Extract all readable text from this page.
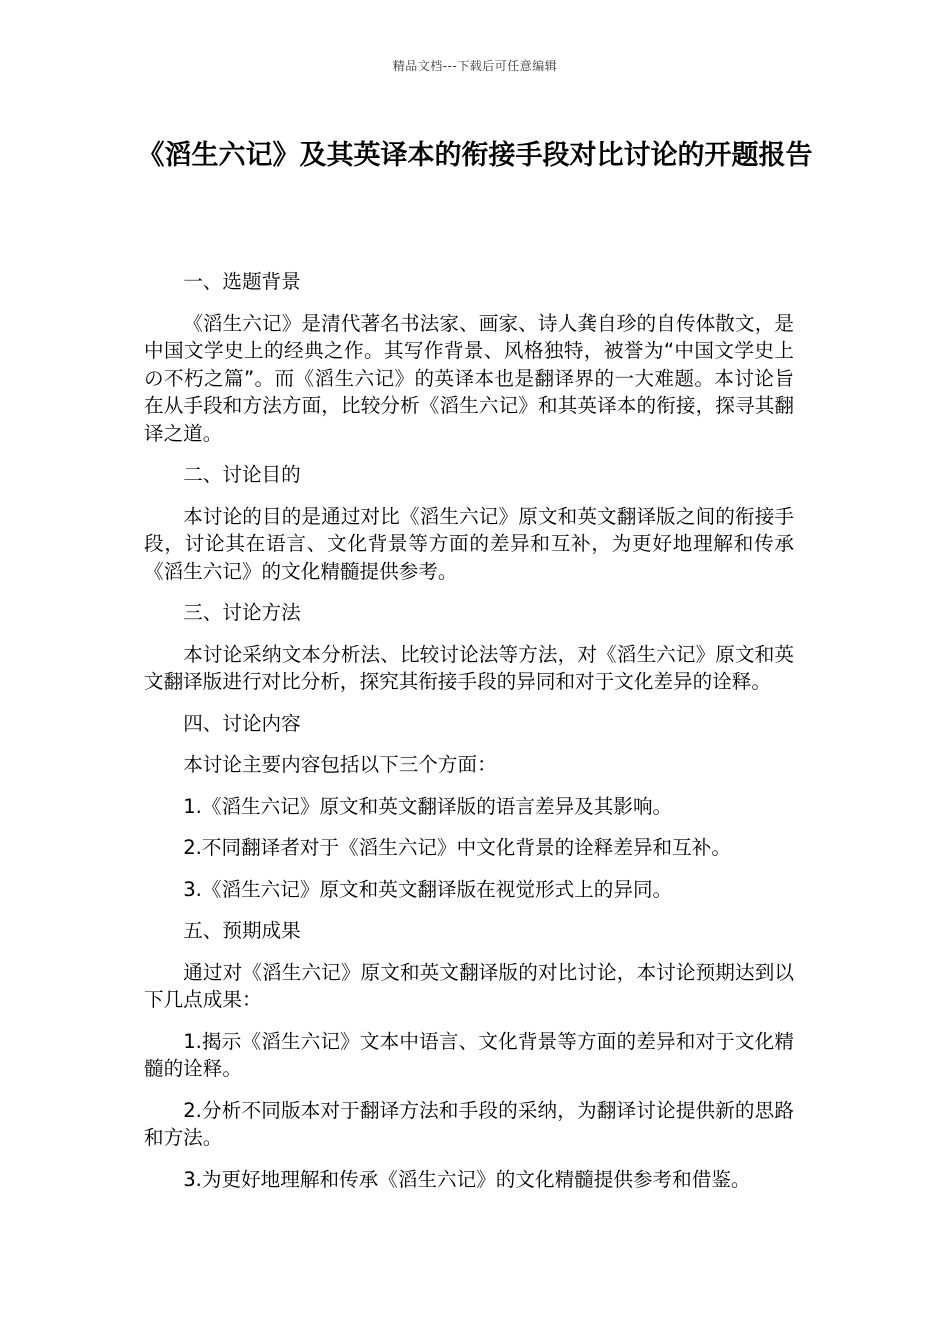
精品文档---下载后可任意编辑
《滔生六记》及其英译本的衔接手段对比讨论的开题报告
一、选题背景
《滔生六记》是清代著名书法家、画家、诗人龚自珍的自传体散文，是中国文学史上的经典之作。其写作背景、风格独特，被誉为“中国文学史上の不朽之篇”。而《滔生六记》的英译本也是翻译界的一大难题。本讨论旨在从手段和方法方面，比较分析《滔生六记》和其英译本的衔接，探寻其翻译之道。
二、讨论目的
本讨论的目的是通过对比《滔生六记》原文和英文翻译版之间的衔接手段，讨论其在语言、文化背景等方面的差异和互补，为更好地理解和传承《滔生六记》的文化精髓提供参考。
三、讨论方法
本讨论采纳文本分析法、比较讨论法等方法，对《滔生六记》原文和英文翻译版进行对比分析，探究其衔接手段的异同和对于文化差异的诠释。
四、讨论内容
本讨论主要内容包括以下三个方面：
1.《滔生六记》原文和英文翻译版的语言差异及其影响。
2.不同翻译者对于《滔生六记》中文化背景的诠释差异和互补。
3.《滔生六记》原文和英文翻译版在视觉形式上的异同。
五、预期成果
通过对《滔生六记》原文和英文翻译版的对比讨论，本讨论预期达到以下几点成果：
1.揭示《滔生六记》文本中语言、文化背景等方面的差异和对于文化精髓的诠释。
2.分析不同版本对于翻译方法和手段的采纳，为翻译讨论提供新的思路和方法。
3.为更好地理解和传承《滔生六记》的文化精髓提供参考和借鉴。
